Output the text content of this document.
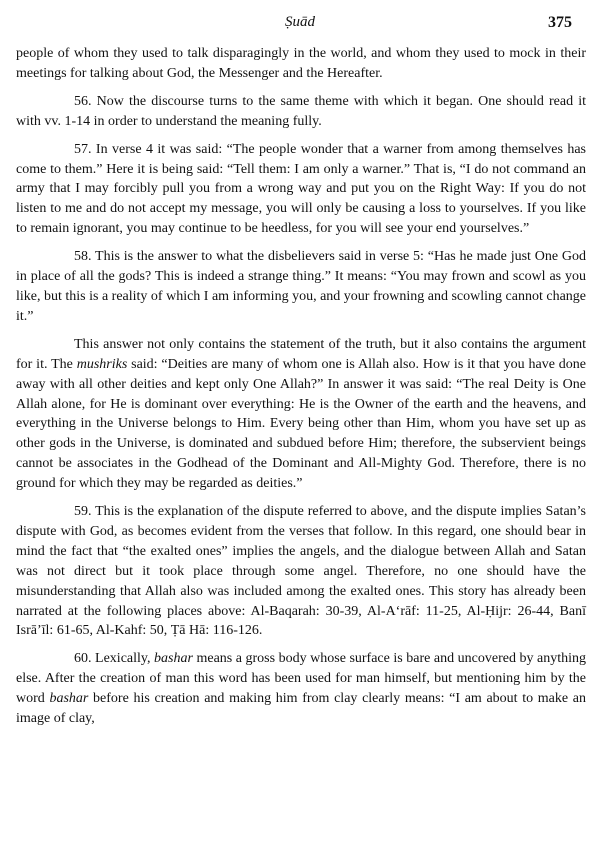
Ṣuād	375

people of whom they used to talk disparagingly in the world, and whom they used to mock in their meetings for talking about God, the Messenger and the Hereafter.

56. Now the discourse turns to the same theme with which it began. One should read it with vv. 1-14 in order to understand the meaning fully.

57. In verse 4 it was said: “The people wonder that a warner from among themselves has come to them.” Here it is being said: “Tell them: I am only a warner.” That is, “I do not command an army that I may forcibly pull you from a wrong way and put you on the Right Way: If you do not listen to me and do not accept my message, you will only be causing a loss to yourselves. If you like to remain ignorant, you may continue to be heedless, for you will see your end yourselves.”

58. This is the answer to what the disbelievers said in verse 5: “Has he made just One God in place of all the gods? This is indeed a strange thing.” It means: “You may frown and scowl as you like, but this is a reality of which I am informing you, and your frowning and scowling cannot change it.”

This answer not only contains the statement of the truth, but it also contains the argument for it. The mushriks said: “Deities are many of whom one is Allah also. How is it that you have done away with all other deities and kept only One Allah?” In answer it was said: “The real Deity is One Allah alone, for He is dominant over everything: He is the Owner of the earth and the heavens, and everything in the Universe belongs to Him. Every being other than Him, whom you have set up as other gods in the Universe, is dominated and subdued before Him; therefore, the subservient beings cannot be associates in the Godhead of the Dominant and All-Mighty God. Therefore, there is no ground for which they may be regarded as deities.”

59. This is the explanation of the dispute referred to above, and the dispute implies Satan’s dispute with God, as becomes evident from the verses that follow. In this regard, one should bear in mind the fact that “the exalted ones” implies the angels, and the dialogue between Allah and Satan was not direct but it took place through some angel. Therefore, no one should have the misunderstanding that Allah also was included among the exalted ones. This story has already been narrated at the following places above: Al-Baqarah: 30-39, Al-A‘rāf: 11-25, Al-Ḥijr: 26-44, Banī Isrā’īl: 61-65, Al-Kahf: 50, Ṭā Hā: 116-126.

60. Lexically, bashar means a gross body whose surface is bare and uncovered by anything else. After the creation of man this word has been used for man himself, but mentioning him by the word bashar before his creation and making him from clay clearly means: “I am about to make an image of clay,
